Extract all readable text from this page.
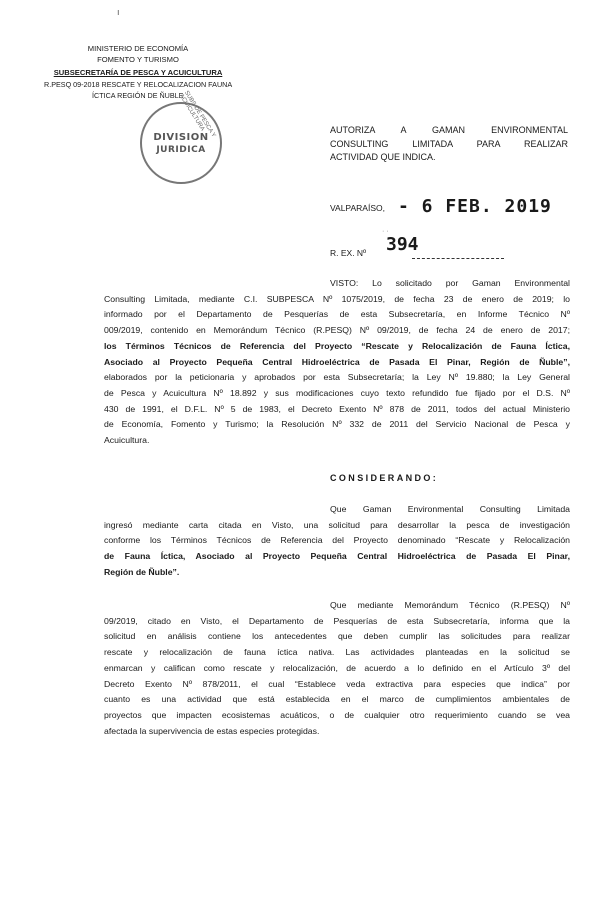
ı
MINISTERIO DE ECONOMÍA
FOMENTO Y TURISMO
SUBSECRETARÍA DE PESCA Y ACUICULTURA
R.PESQ 09-2018 RESCATE Y RELOCALIZACION FAUNA
ÍCTICA REGIÓN DE ÑUBLE
DIVISION
JURIDICA
SUBS DE PESCA Y ACUICULTURA	AUTORIZA A GAMAN ENVIRONMENTAL
CONSULTING LIMITADA PARA REALIZAR
ACTIVIDAD QUE INDICA.
VALPARAÍSO, - 6 FEB. 2019
· ·
394
R. EX. Nº
VISTO: Lo solicitado por Gaman Environmental
Consulting Limitada, mediante C.I. SUBPESCA Nº 1075/2019, de fecha 23 de enero de 2019; lo
informado por el Departamento de Pesquerías de esta Subsecretaría, en Informe Técnico Nº
009/2019, contenido en Memorándum Técnico (R.PESQ) Nº 09/2019, de fecha 24 de enero de 2017;
los Términos Técnicos de Referencia del Proyecto “Rescate y Relocalización de Fauna Íctica,
Asociado al Proyecto Pequeña Central Hidroeléctrica de Pasada El Pinar, Región de Ñuble”,
elaborados por la peticionaria y aprobados por esta Subsecretaría; la Ley Nº 19.880; la Ley General
de Pesca y Acuicultura Nº 18.892 y sus modificaciones cuyo texto refundido fue fijado por el D.S. Nº
430 de 1991, el D.F.L. Nº 5 de 1983, el Decreto Exento Nº 878 de 2011, todos del actual Ministerio
de Economía, Fomento y Turismo; la Resolución Nº 332 de 2011 del Servicio Nacional de Pesca y
Acuicultura.
CONSIDERANDO:
Que Gaman Environmental Consulting Limitada
ingresó mediante carta citada en Visto, una solicitud para desarrollar la pesca de investigación
conforme los Términos Técnicos de Referencia del Proyecto denominado “Rescate y Relocalización
de Fauna Íctica, Asociado al Proyecto Pequeña Central Hidroeléctrica de Pasada El Pinar,
Región de Ñuble”.
Que mediante Memorándum Técnico (R.PESQ) Nº
09/2019, citado en Visto, el Departamento de Pesquerías de esta Subsecretaría, informa que la
solicitud en análisis contiene los antecedentes que deben cumplir las solicitudes para realizar
rescate y relocalización de fauna íctica nativa. Las actividades planteadas en la solicitud se
enmarcan y califican como rescate y relocalización, de acuerdo a lo definido en el Artículo 3º del
Decreto Exento Nº 878/2011, el cual “Establece veda extractiva para especies que indica” por
cuanto es una actividad que está establecida en el marco de cumplimientos ambientales de
proyectos que impacten ecosistemas acuáticos, o de cualquier otro requerimiento cuando se vea
afectada la supervivencia de estas especies protegidas.
